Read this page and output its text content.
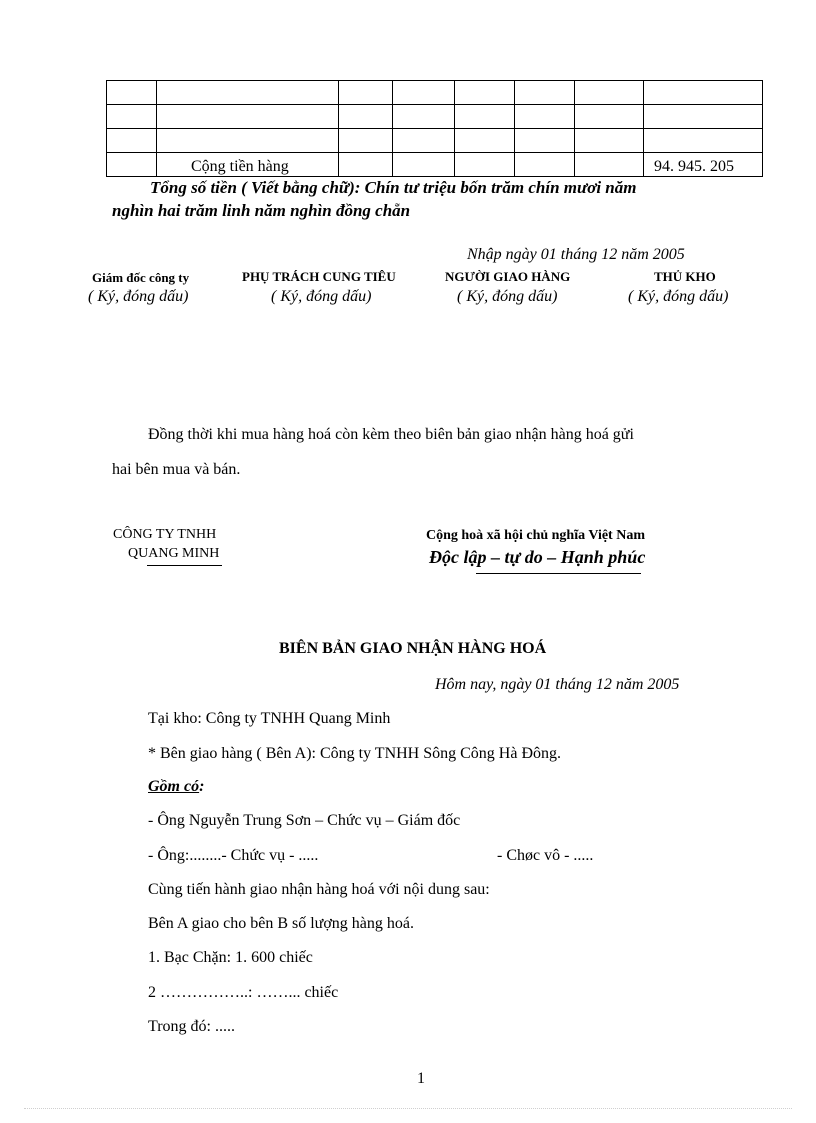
	Cộng tiền hàng						94. 945. 205
Tổng số tiền ( Viết bằng chữ): Chín tư triệu bốn trăm chín mươi năm
nghìn hai trăm linh năm nghìn đồng chẵn
Nhập ngày 01 tháng 12 năm 2005
Giám đốc công ty
( Ký, đóng dấu)
PHỤ TRÁCH CUNG TIÊU
( Ký, đóng dấu)
NGƯỜI GIAO HÀNG
( Ký, đóng dấu)
THỦ KHO
( Ký, đóng dấu)
Đồng thời khi mua hàng hoá còn kèm theo biên bản giao nhận hàng hoá gửi
hai bên mua và bán.
CÔNG TY TNHH
QUANG MINH
Cộng hoà xã hội chủ nghĩa Việt Nam
Độc lập – tự do – Hạnh phúc
BIÊN BẢN GIAO NHẬN HÀNG HOÁ
Hôm nay, ngày 01 tháng 12 năm 2005
Tại kho: Công ty TNHH Quang Minh
* Bên giao hàng ( Bên A): Công ty TNHH Sông Công Hà Đông.
Gồm có:
- Ông Nguyễn Trung Sơn – Chức vụ – Giám đốc
- Ông:........- Chức vụ - .....	- Chøc vô - .....
Cùng tiến hành giao nhận hàng hoá với nội dung sau:
Bên A giao cho bên B số lượng hàng hoá.
1. Bạc Chặn: 1. 600 chiếc
2 ……………..: ……... chiếc
Trong đó: .....
1
